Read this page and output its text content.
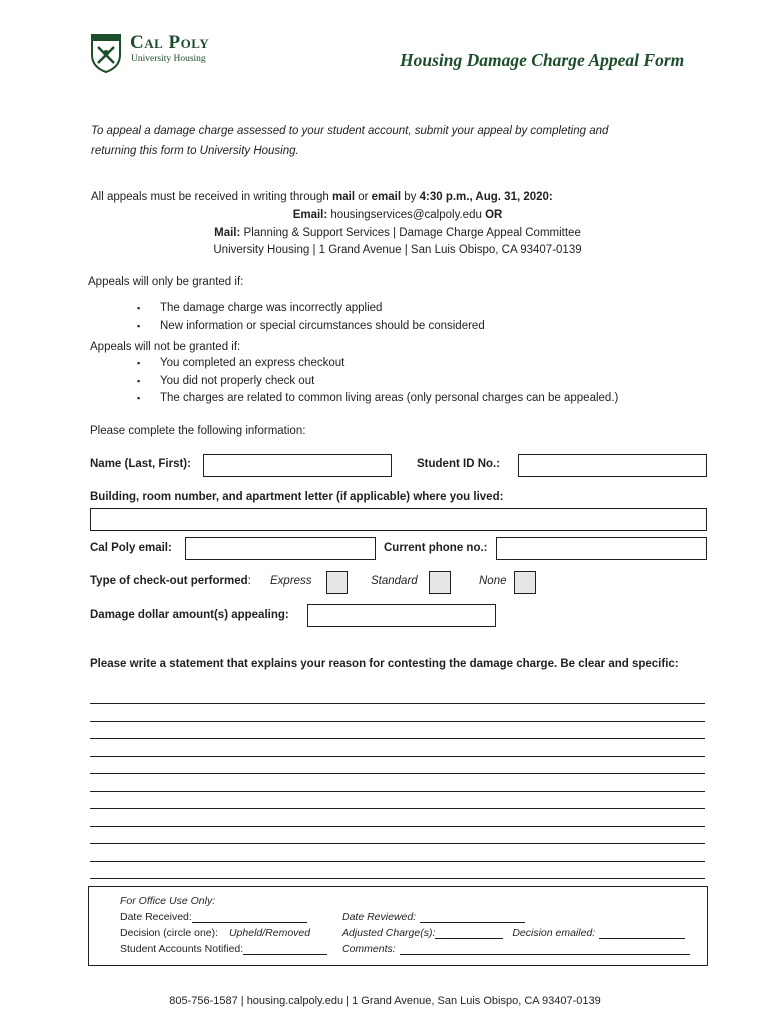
Cal Poly
University Housing	Housing Damage Charge Appeal Form
To appeal a damage charge assessed to your student account, submit your appeal by completing and
returning this form to University Housing.
All appeals must be received in writing through mail or email by 4:30 p.m., Aug. 31, 2020:
Email: housingservices@calpoly.edu OR
Mail: Planning & Support Services | Damage Charge Appeal Committee
University Housing | 1 Grand Avenue | San Luis Obispo, CA 93407-0139
Appeals will only be granted if:
▪ The damage charge was incorrectly applied
▪ New information or special circumstances should be considered
Appeals will not be granted if:
▪ You completed an express checkout
▪ You did not properly check out
▪ The charges are related to common living areas (only personal charges can be appealed.)
Please complete the following information:
Name (Last, First):	Student ID No.:
Building, room number, and apartment letter (if applicable) where you lived:
Cal Poly email:	Current phone no.:
Type of check-out performed: Express	Standard	None
Damage dollar amount(s) appealing:
Please write a statement that explains your reason for contesting the damage charge. Be clear and specific:
For Office Use Only:
Date Received:
Decision (circle one): Upheld/Removed
Student Accounts Notified:
Date Reviewed:
Adjusted Charge(s):	Decision emailed:
Comments:
805-756-1587 | housing.calpoly.edu | 1 Grand Avenue, San Luis Obispo, CA 93407-0139
